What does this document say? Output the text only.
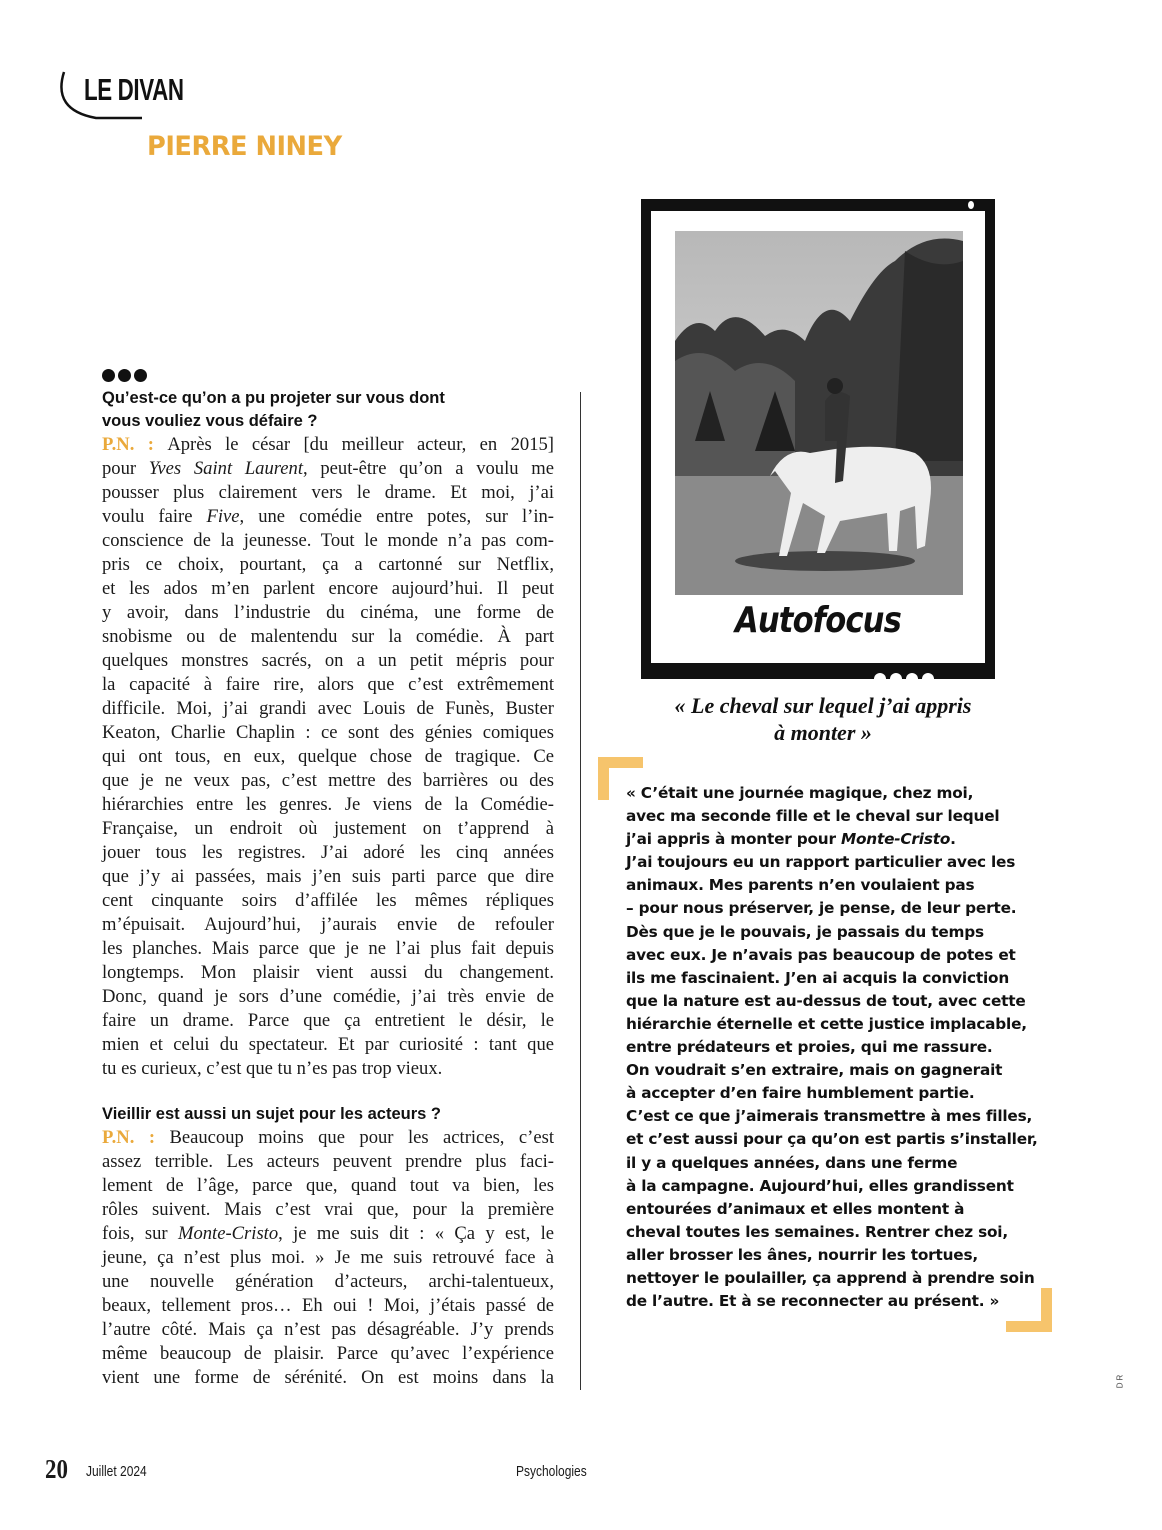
LE DIVAN
PIERRE NINEY
Qu’est-ce qu’on a pu projeter sur vous dont
vous vouliez vous défaire ?
P.N. : Après le césar [du meilleur acteur, en 2015]
pour Yves Saint Laurent, peut-être qu’on a voulu me
pousser plus clairement vers le drame. Et moi, j’ai
voulu faire Five, une comédie entre potes, sur l’in-
conscience de la jeunesse. Tout le monde n’a pas com-
pris ce choix, pourtant, ça a cartonné sur Netflix,
et les ados m’en parlent encore aujourd’hui. Il peut
y avoir, dans l’industrie du cinéma, une forme de
snobisme ou de malentendu sur la comédie. À part
quelques monstres sacrés, on a un petit mépris pour
la capacité à faire rire, alors que c’est extrêmement
difficile. Moi, j’ai grandi avec Louis de Funès, Buster
Keaton, Charlie Chaplin : ce sont des génies comiques
qui ont tous, en eux, quelque chose de tragique. Ce
que je ne veux pas, c’est mettre des barrières ou des
hiérarchies entre les genres. Je viens de la Comédie-
Française, un endroit où justement on t’apprend à
jouer tous les registres. J’ai adoré les cinq années
que j’y ai passées, mais j’en suis parti parce que dire
cent cinquante soirs d’affilée les mêmes répliques
m’épuisait. Aujourd’hui, j’aurais envie de refouler
les planches. Mais parce que je ne l’ai plus fait depuis
longtemps. Mon plaisir vient aussi du changement.
Donc, quand je sors d’une comédie, j’ai très envie de
faire un drame. Parce que ça entretient le désir, le
mien et celui du spectateur. Et par curiosité : tant que
tu es curieux, c’est que tu n’es pas trop vieux.
Vieillir est aussi un sujet pour les acteurs ?
P.N. : Beaucoup moins que pour les actrices, c’est
assez terrible. Les acteurs peuvent prendre plus faci-
lement de l’âge, parce que, quand tout va bien, les
rôles suivent. Mais c’est vrai que, pour la première
fois, sur Monte-Cristo, je me suis dit : « Ça y est, le
jeune, ça n’est plus moi. » Je me suis retrouvé face à
une nouvelle génération d’acteurs, archi-talentueux,
beaux, tellement pros… Eh oui ! Moi, j’étais passé de
l’autre côté. Mais ça n’est pas désagréable. J’y prends
même beaucoup de plaisir. Parce qu’avec l’expérience
vient une forme de sérénité. On est moins dans la
Autofocus
« Le cheval sur lequel j’ai appris
à monter »
« C’était une journée magique, chez moi,
avec ma seconde fille et le cheval sur lequel
j’ai appris à monter pour Monte-Cristo.
J’ai toujours eu un rapport particulier avec les
animaux. Mes parents n’en voulaient pas
– pour nous préserver, je pense, de leur perte.
Dès que je le pouvais, je passais du temps
avec eux. Je n’avais pas beaucoup de potes et
ils me fascinaient. J’en ai acquis la conviction
que la nature est au-dessus de tout, avec cette
hiérarchie éternelle et cette justice implacable,
entre prédateurs et proies, qui me rassure.
On voudrait s’en extraire, mais on gagnerait
à accepter d’en faire humblement partie.
C’est ce que j’aimerais transmettre à mes filles,
et c’est aussi pour ça qu’on est partis s’installer,
il y a quelques années, dans une ferme
à la campagne. Aujourd’hui, elles grandissent
entourées d’animaux et elles montent à
cheval toutes les semaines. Rentrer chez soi,
aller brosser les ânes, nourrir les tortues,
nettoyer le poulailler, ça apprend à prendre soin
de l’autre. Et à se reconnecter au présent. »
20 Juillet 2024	Psychologies
DR
